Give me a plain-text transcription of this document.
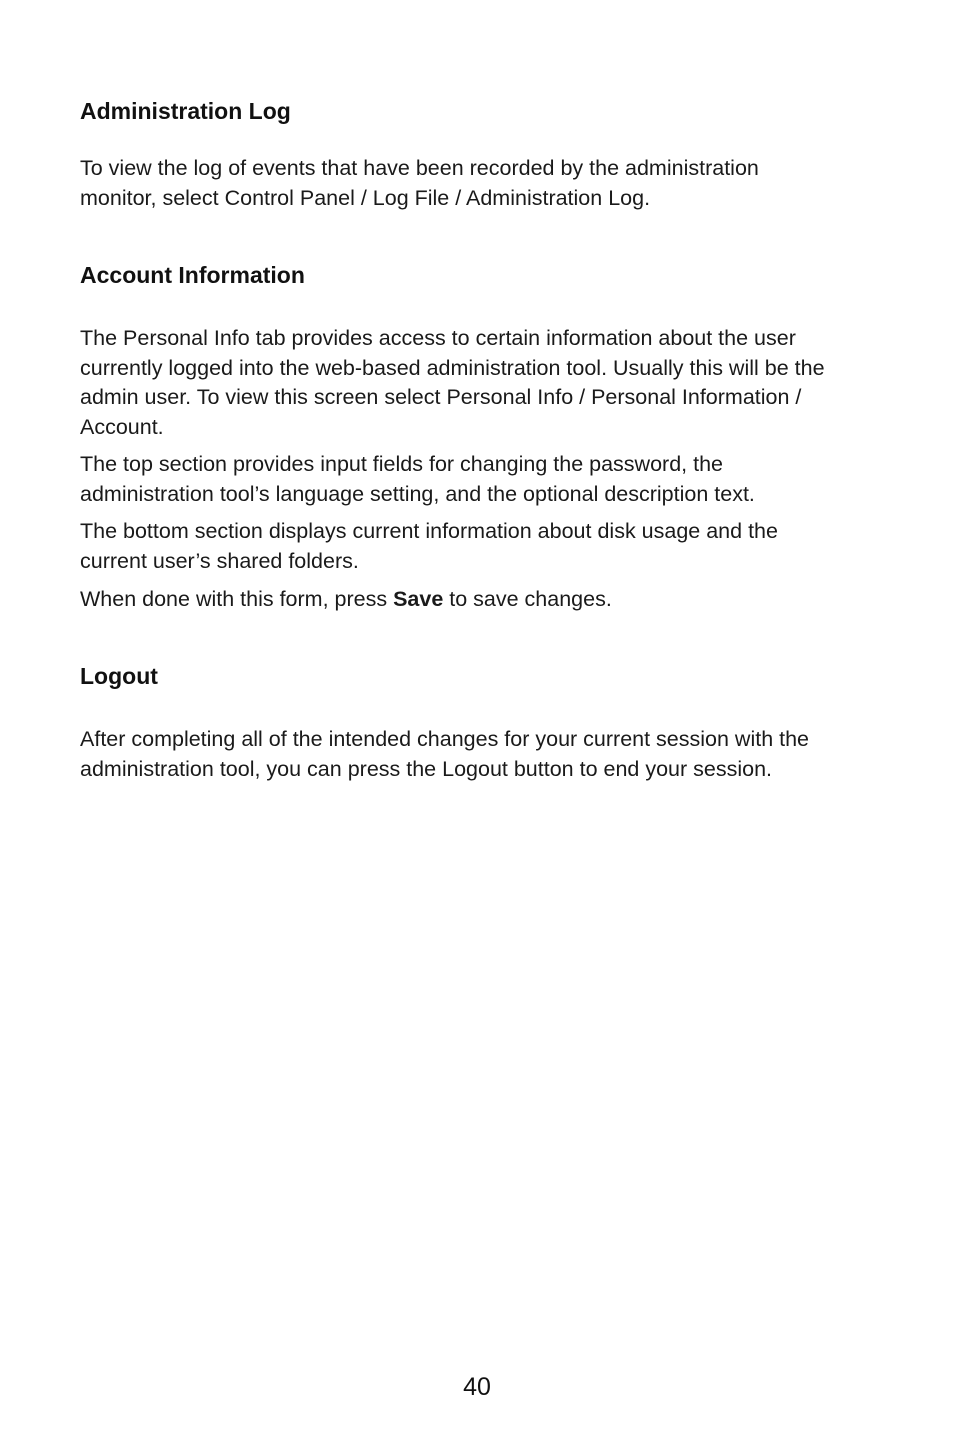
Administration Log

To view the log of events that have been recorded by the administration monitor, select Control Panel / Log File / Administration Log.

Account Information

The Personal Info tab provides access to certain information about the user currently logged into the web-based administration tool. Usually this will be the admin user. To view this screen select Personal Info / Personal Information / Account.

The top section provides input fields for changing the password, the administration tool’s language setting, and the optional description text.

The bottom section displays current information about disk usage and the current user’s shared folders.

When done with this form, press Save to save changes.

Logout

After completing all of the intended changes for your current session with the administration tool, you can press the Logout button to end your session.

40
